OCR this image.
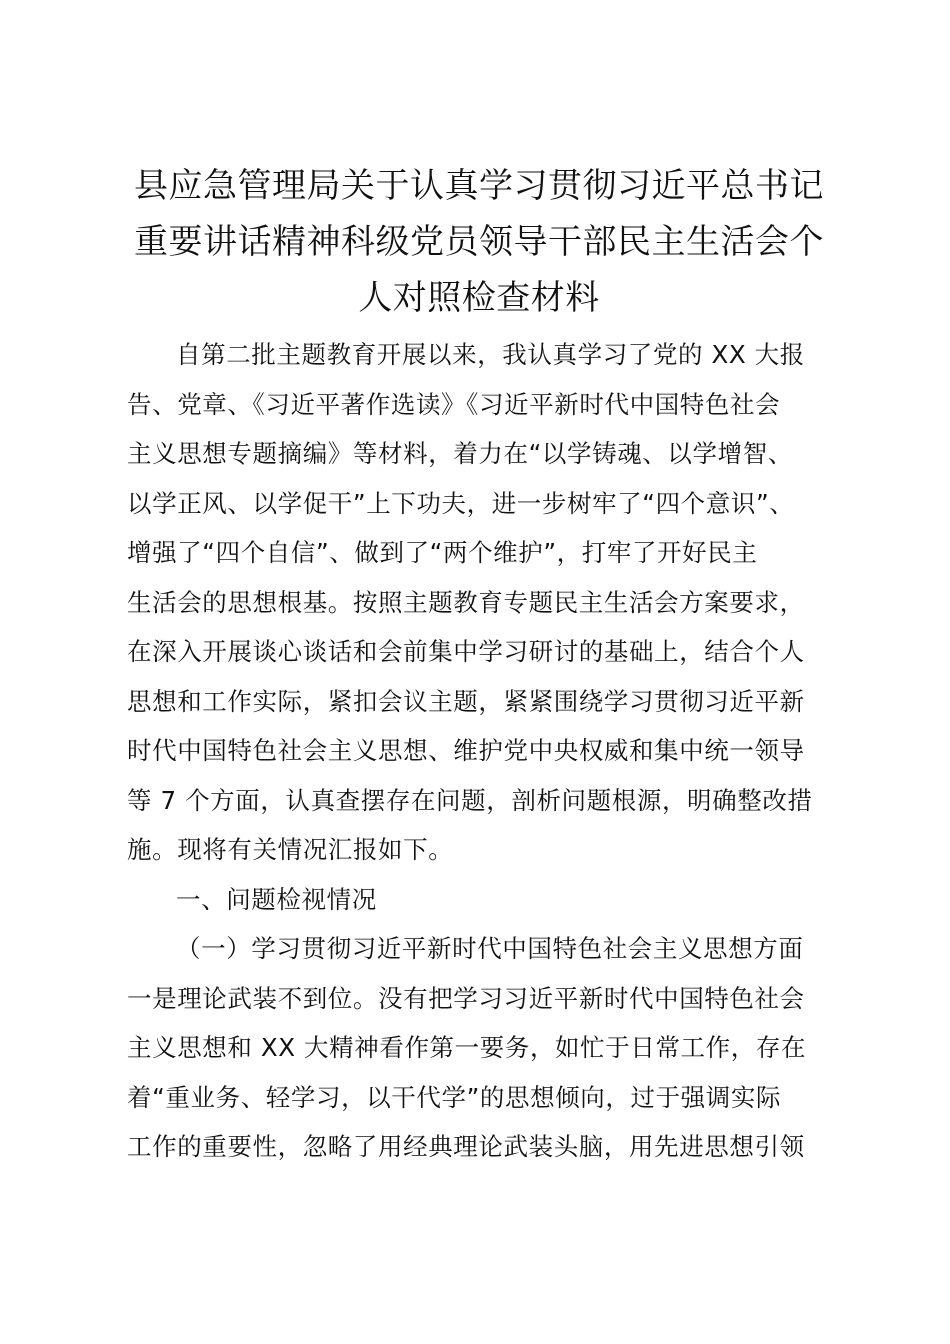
县应急管理局关于认真学习贯彻习近平总书记
重要讲话精神科级党员领导干部民主生活会个
人对照检查材料
自第二批主题教育开展以来，我认真学习了党的 XX 大报
告、党章、《习近平著作选读》《习近平新时代中国特色社会
主义思想专题摘编》等材料，着力在“以学铸魂、以学增智、
以学正风、以学促干”上下功夫，进一步树牢了“四个意识”、
增强了“四个自信”、做到了“两个维护”，打牢了开好民主
生活会的思想根基。按照主题教育专题民主生活会方案要求，
在深入开展谈心谈话和会前集中学习研讨的基础上，结合个人
思想和工作实际，紧扣会议主题，紧紧围绕学习贯彻习近平新
时代中国特色社会主义思想、维护党中央权威和集中统一领导
等 7 个方面，认真查摆存在问题，剖析问题根源，明确整改措
施。现将有关情况汇报如下。
一、问题检视情况
（一）学习贯彻习近平新时代中国特色社会主义思想方面
一是理论武装不到位。没有把学习习近平新时代中国特色社会
主义思想和 XX 大精神看作第一要务，如忙于日常工作，存在
着“重业务、轻学习，以干代学”的思想倾向，过于强调实际
工作的重要性，忽略了用经典理论武装头脑，用先进思想引领
